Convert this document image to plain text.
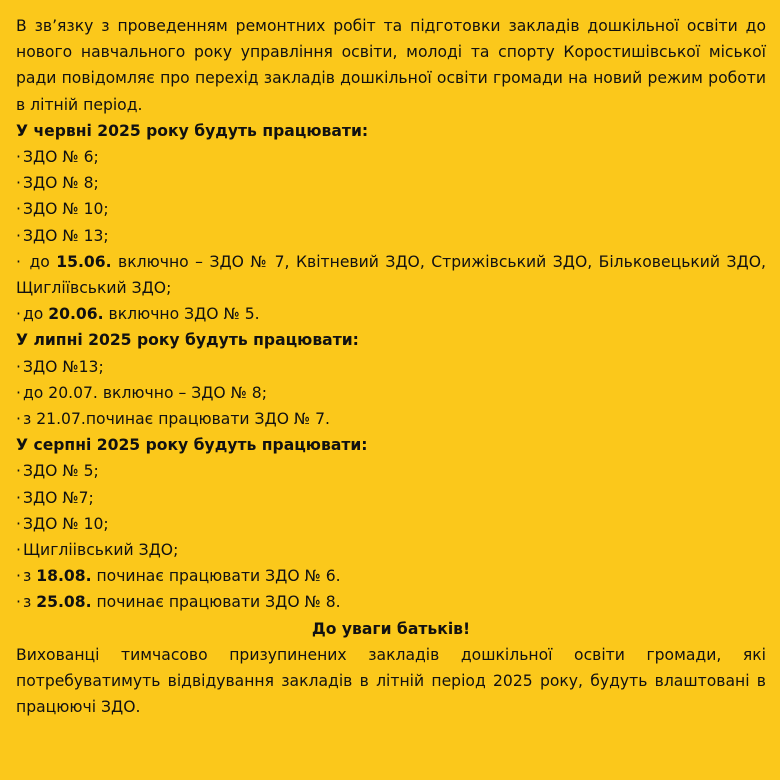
В зв’язку з проведенням ремонтних робіт та підготовки закладів дошкільної освіти до нового навчального року управління освіти, молоді та спорту Коростишівської міської ради повідомляє про перехід закладів дошкільної освіти громади на новий режим роботи в літній період.

У червні 2025 року будуть працювати:

· ЗДО № 6;

· ЗДО № 8;

· ЗДО № 10;

· ЗДО № 13;

· до 15.06. включно – ЗДО № 7, Квітневий ЗДО, Стрижівський ЗДО, Бiльковецький ЗДО, Щигліївський ЗДО;

· до 20.06. включно ЗДО № 5.

У липні 2025 року будуть працювати:

· ЗДО №13;

· до 20.07. включно – ЗДО № 8;

· з 21.07.починає працювати ЗДО № 7.

У серпні 2025 року будуть працювати:

· ЗДО № 5;

· ЗДО №7;

· ЗДО № 10;

· Щигліівський ЗДО;

· з 18.08. починає працювати ЗДО № 6.

· з 25.08. починає працювати ЗДО № 8.

До уваги батьків!

Вихованці тимчасово призупинених закладів дошкільної освіти громади, які потребуватимуть відвідування закладів в літній період 2025 року, будуть влаштовані в працюючі ЗДО.
